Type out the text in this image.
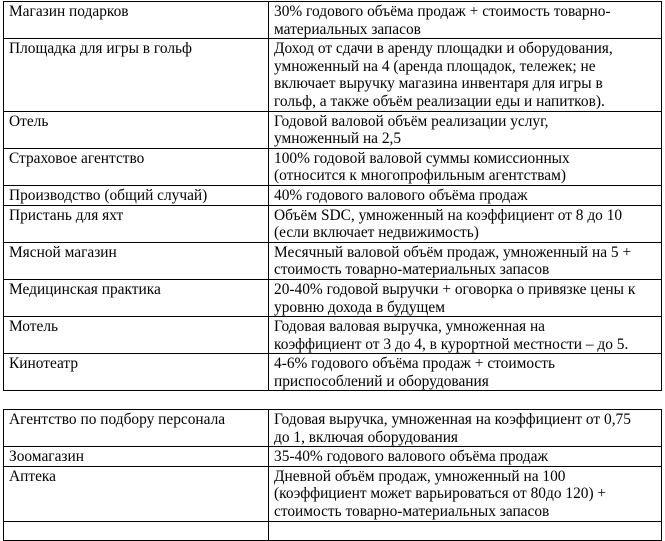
Магазин подарков	30% годового объёма продаж + стоимость товарно-
материальных запасов

Площадка для игры в гольф	Доход от сдачи в аренду площадки и оборудования,
умноженный на 4 (аренда площадок, тележек; не
включает выручку магазина инвентаря для игры в
гольф, а также объём реализации еды и напитков).

Отель	Годовой валовой объём реализации услуг,
умноженный на 2,5

Страховое агентство	100% годовой валовой суммы комиссионных
(относится к многопрофильным агентствам)

Производство (общий случай)	40% годового валового объёма продаж

Пристань для яхт	Объём SDC, умноженный на коэффициент от 8 до 10
(если включает недвижимость)

Мясной магазин	Месячный валовой объём продаж, умноженный на 5 +
стоимость товарно-материальных запасов

Медицинская практика	20-40% годовой выручки + оговорка о привязке цены к
уровню дохода в будущем

Мотель	Годовая валовая выручка, умноженная на
коэффициент от 3 до 4, в курортной местности – до 5.

Кинотеатр	4-6% годового объёма продаж + стоимость
приспособлений и оборудования
Агентство по подбору персонала	Годовая выручка, умноженная на коэффициент от 0,75
до 1, включая оборудования

Зоомагазин	35-40% годового валового объёма продаж

Аптека	Дневной объём продаж, умноженный на 100
(коэффициент может варьироваться от 80до 120) +
стоимость товарно-материальных запасов
